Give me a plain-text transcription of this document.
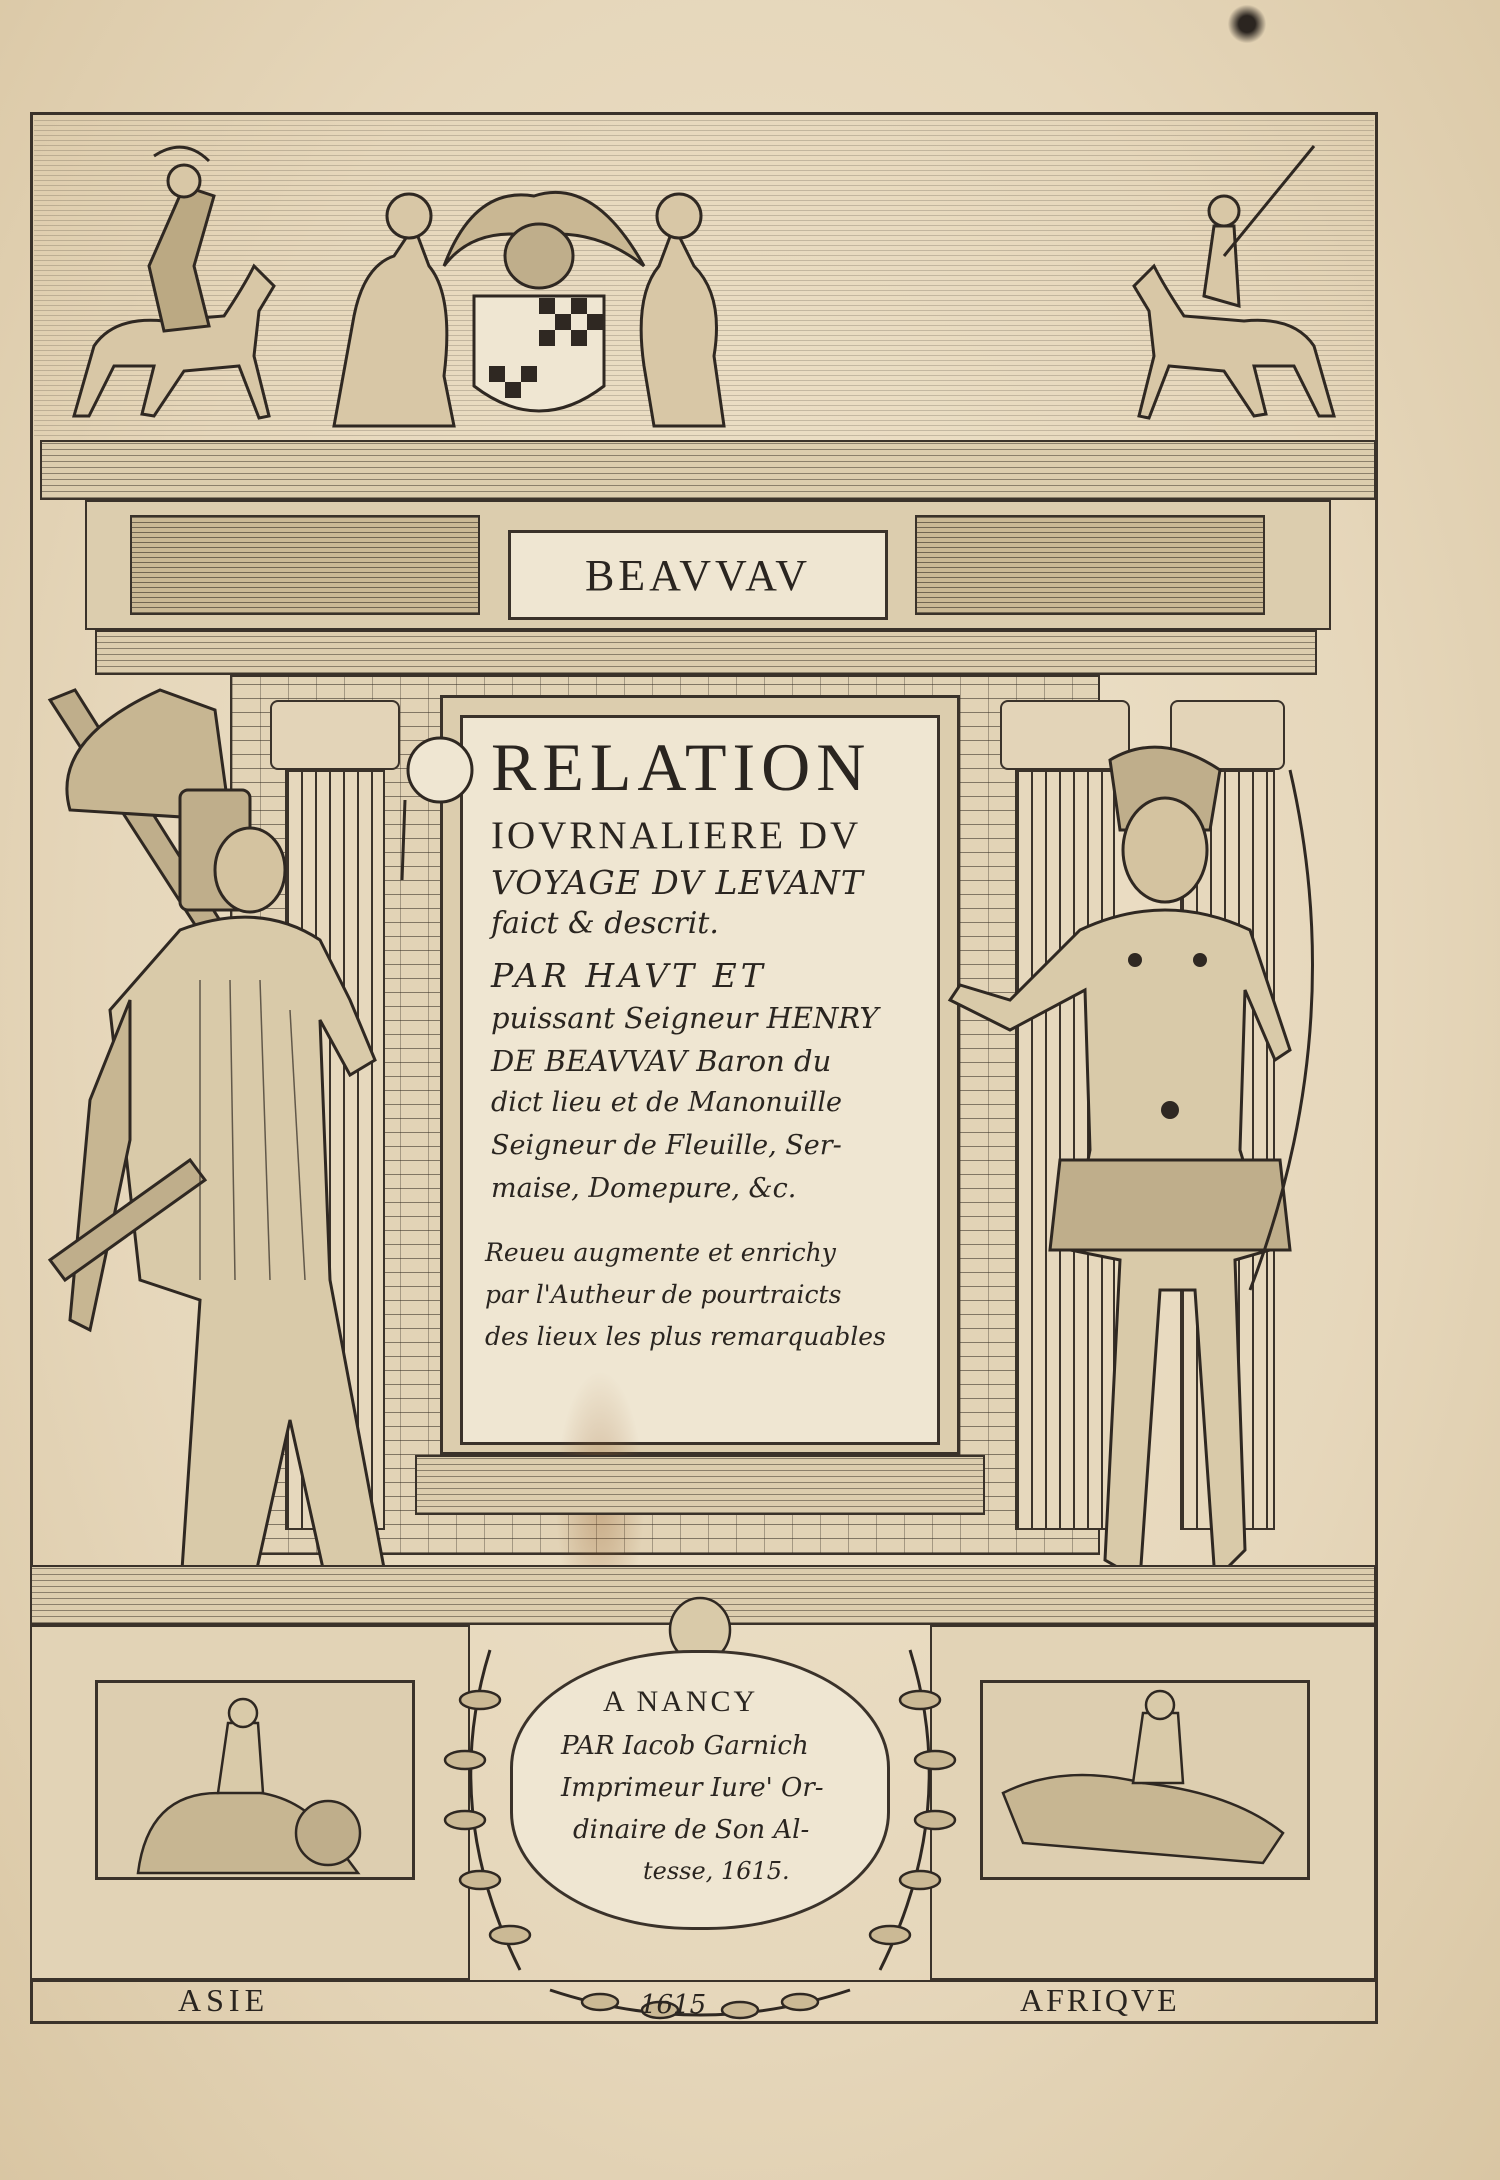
BEAVVAV
RELATION
IOVRNALIERE DV
VOYAGE DV LEVANT
faict & descrit.
PAR HAVT ET
puissant Seigneur HENRY
DE BEAVVAV Baron du
dict lieu et de Manonuille
Seigneur de Fleuille, Ser-
maise, Domepure, &c.
Reueu augmente et enrichy
par l'Autheur de pourtraicts
des lieux les plus remarquables
A NANCY
PAR Iacob Garnich
Imprimeur Iure' Or-
dinaire de Son Al-
tesse, 1615.
ASIE	1615	AFRIQVE
